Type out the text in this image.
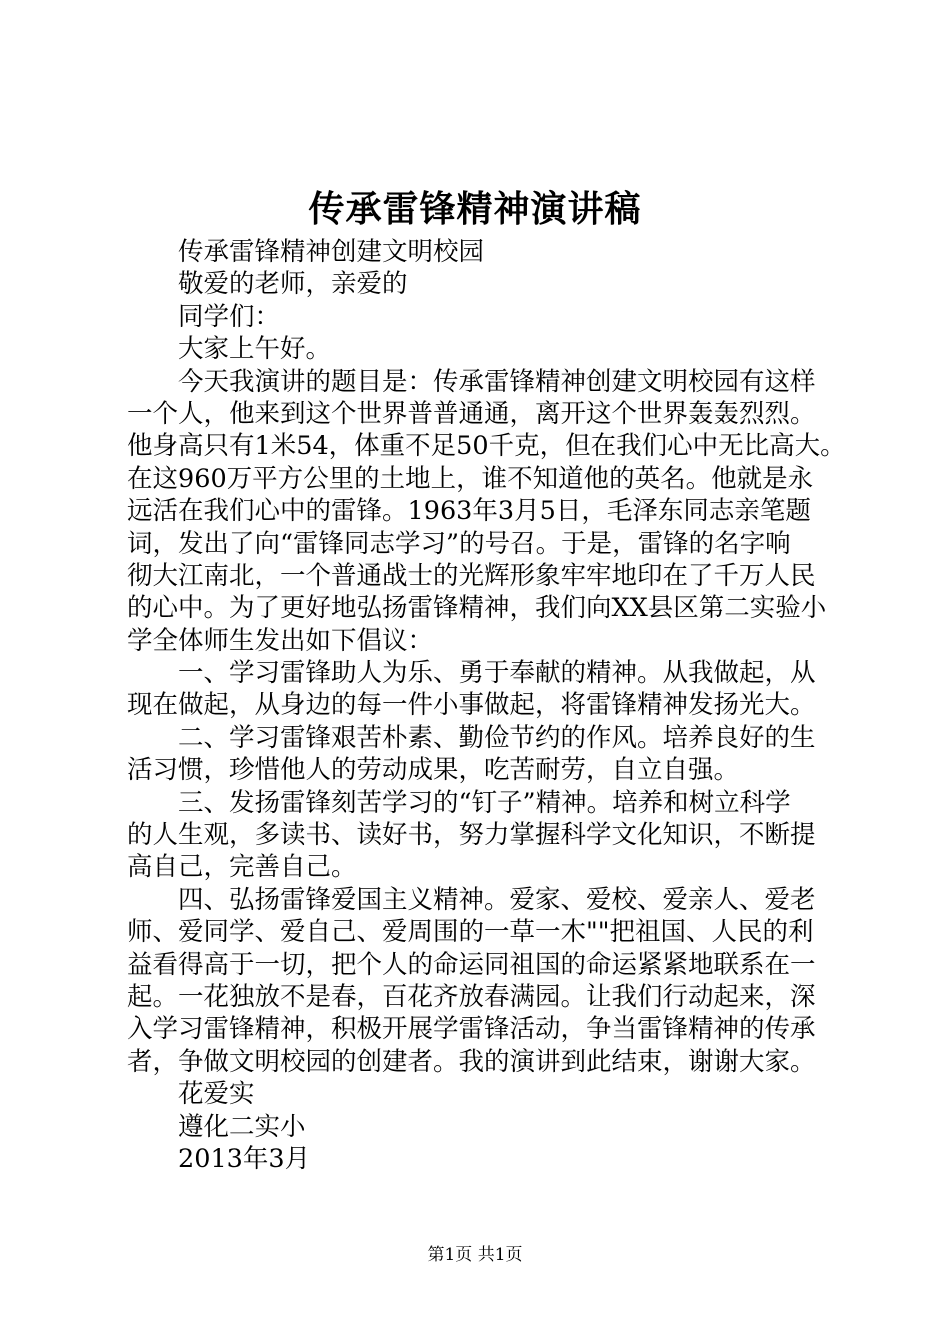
传承雷锋精神演讲稿
传承雷锋精神创建文明校园
敬爱的老师，亲爱的
同学们：
大家上午好。
今天我演讲的题目是：传承雷锋精神创建文明校园有这样
一个人，他来到这个世界普普通通，离开这个世界轰轰烈烈。
他身高只有1米54，体重不足50千克，但在我们心中无比高大。
在这960万平方公里的土地上，谁不知道他的英名。他就是永
远活在我们心中的雷锋。1963年3月5日，毛泽东同志亲笔题
词，发出了向“雷锋同志学习”的号召。于是，雷锋的名字响
彻大江南北，一个普通战士的光辉形象牢牢地印在了千万人民
的心中。为了更好地弘扬雷锋精神，我们向XX县区第二实验小
学全体师生发出如下倡议：
一、学习雷锋助人为乐、勇于奉献的精神。从我做起，从
现在做起，从身边的每一件小事做起，将雷锋精神发扬光大。
二、学习雷锋艰苦朴素、勤俭节约的作风。培养良好的生
活习惯，珍惜他人的劳动成果，吃苦耐劳，自立自强。
三、发扬雷锋刻苦学习的“钉子”精神。培养和树立科学
的人生观，多读书、读好书，努力掌握科学文化知识，不断提
高自己，完善自己。
四、弘扬雷锋爱国主义精神。爱家、爱校、爱亲人、爱老
师、爱同学、爱自己、爱周围的一草一木""把祖国、人民的利
益看得高于一切，把个人的命运同祖国的命运紧紧地联系在一
起。一花独放不是春，百花齐放春满园。让我们行动起来，深
入学习雷锋精神，积极开展学雷锋活动，争当雷锋精神的传承
者，争做文明校园的创建者。我的演讲到此结束，谢谢大家。
花爱实
遵化二实小
2013年3月
第1页 共1页
